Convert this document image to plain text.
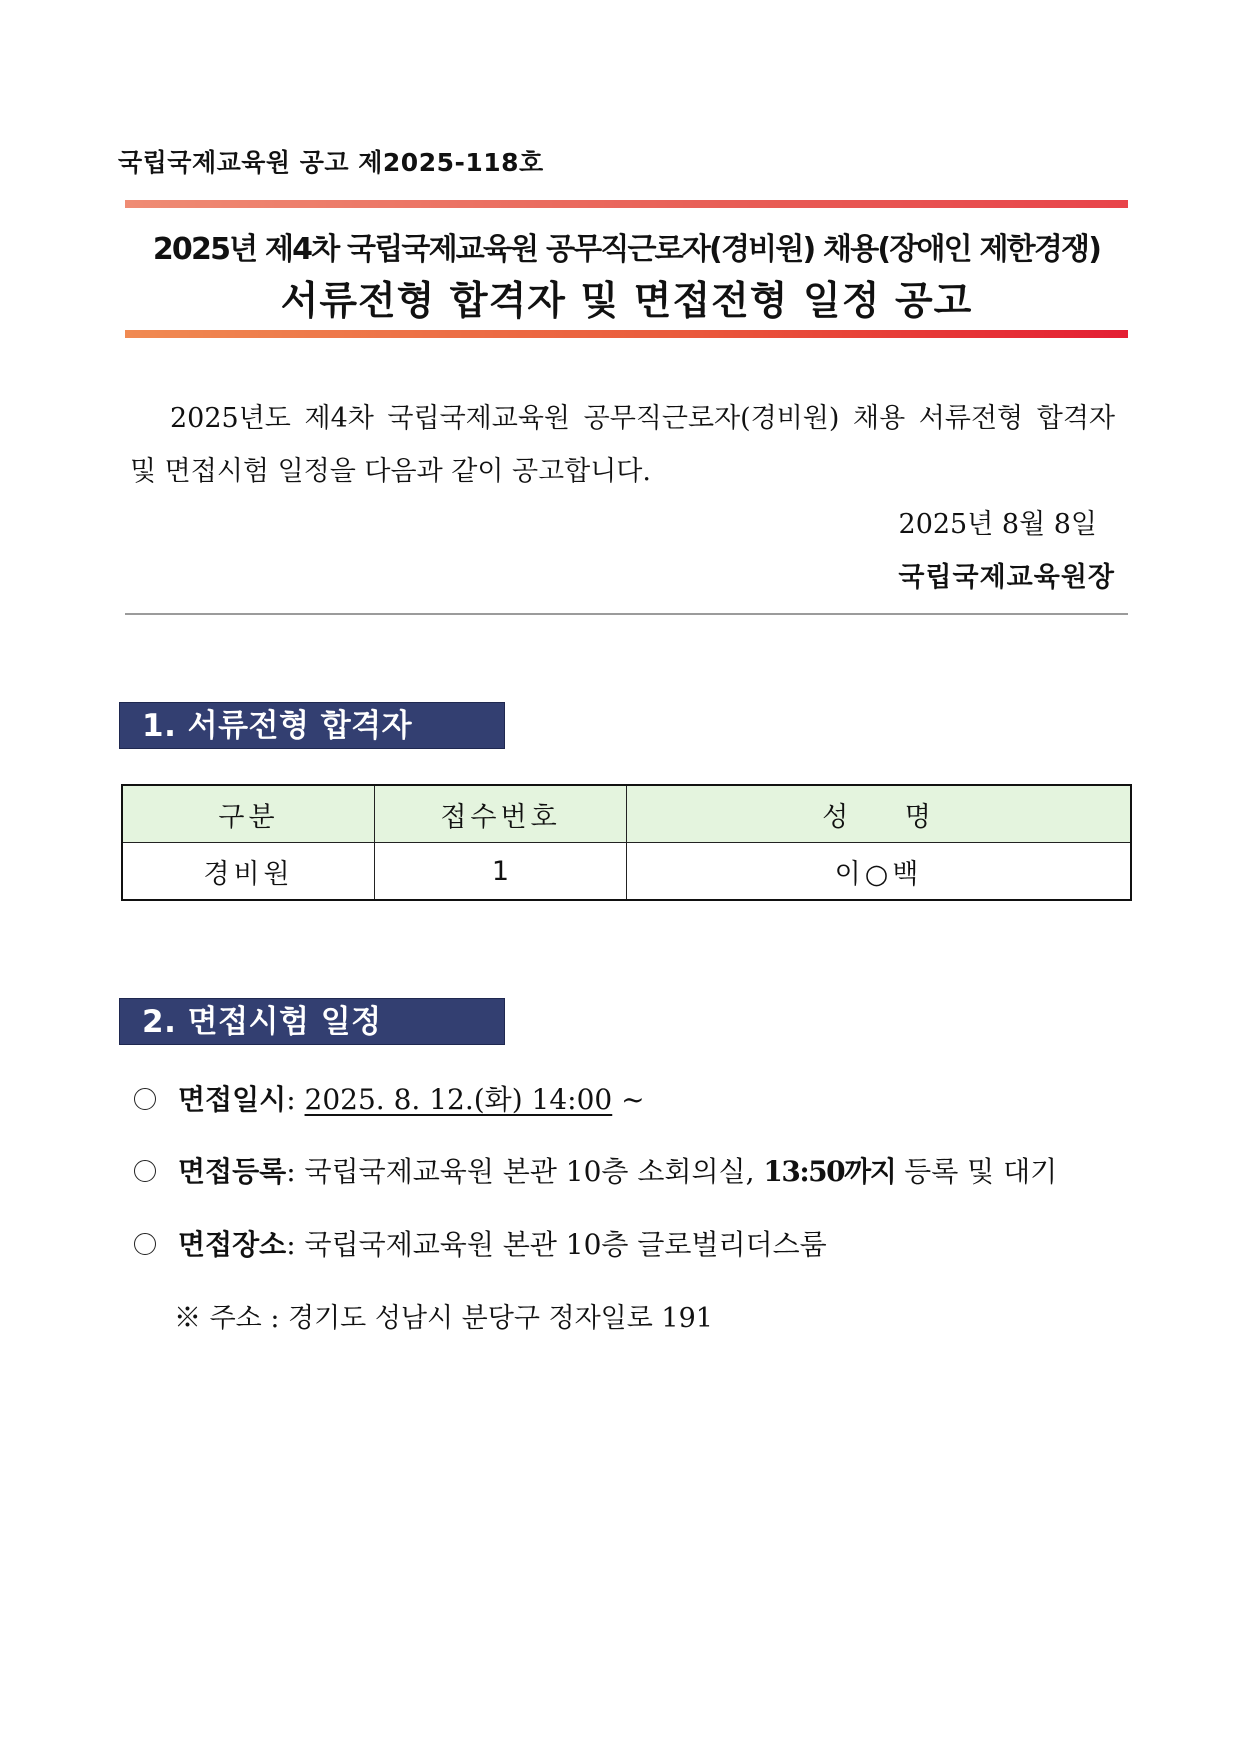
국립국제교육원 공고 제2025-118호
2025년 제4차 국립국제교육원 공무직근로자(경비원) 채용(장애인 제한경쟁)
서류전형 합격자 및 면접전형 일정 공고
2025년도 제4차 국립국제교육원 공무직근로자(경비원) 채용 서류전형 합격자 및 면접시험 일정을 다음과 같이 공고합니다.
2025년 8월 8일
국립국제교육원장
1. 서류전형 합격자
구분	접수번호	성 명
경비원	1	이○백
2. 면접시험 일정
면접일시: 2025. 8. 12.(화) 14:00 ~
면접등록: 국립국제교육원 본관 10층 소회의실, 13:50까지 등록 및 대기
면접장소: 국립국제교육원 본관 10층 글로벌리더스룸
※ 주소 : 경기도 성남시 분당구 정자일로 191
